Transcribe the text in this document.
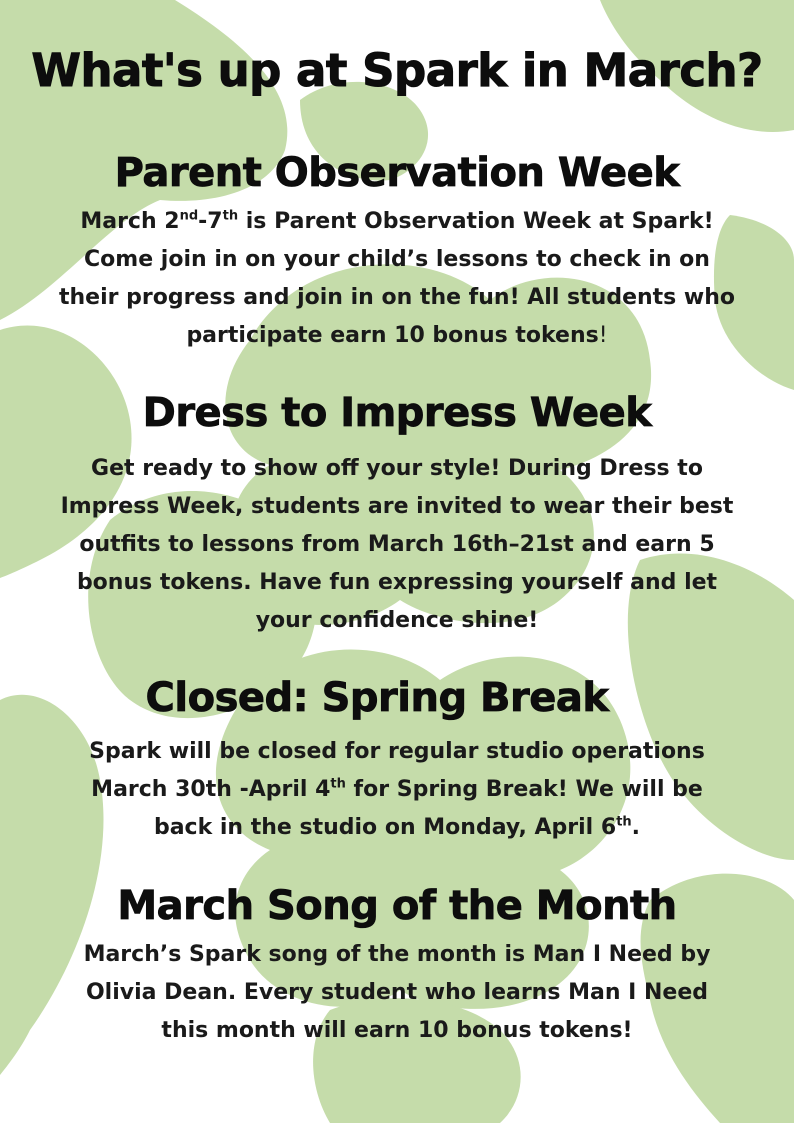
What's up at Spark in March?
Parent Observation Week

March 2nd-7th is Parent Observation Week at Spark!
Come join in on your child’s lessons to check in on
their progress and join in on the fun! All students who
participate earn 10 bonus tokens!

Dress to Impress Week

Get ready to show off your style! During Dress to
Impress Week, students are invited to wear their best
outfits to lessons from March 16th–21st and earn 5
bonus tokens. Have fun expressing yourself and let
your confidence shine!

Closed: Spring Break

Spark will be closed for regular studio operations
March 30th -April 4th for Spring Break! We will be
back in the studio on Monday, April 6th.

March Song of the Month

March’s Spark song of the month is Man I Need by
Olivia Dean. Every student who learns Man I Need
this month will earn 10 bonus tokens!
